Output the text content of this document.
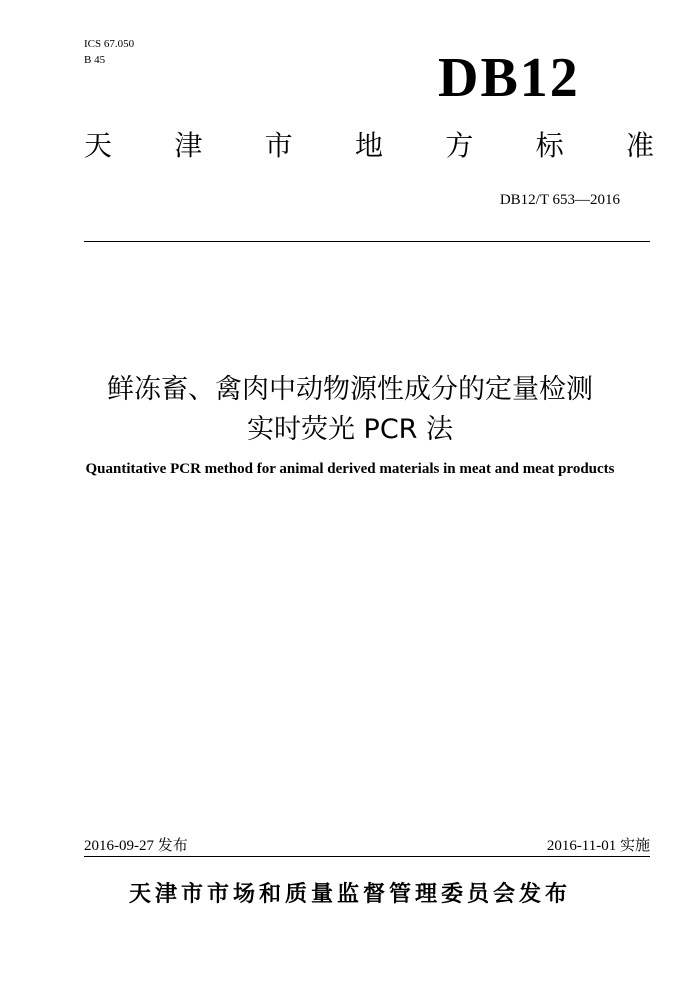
ICS 67.050
B 45	DB12
天 津 市 地 方 标 准
DB12/T 653—2016
鲜冻畜、禽肉中动物源性成分的定量检测
实时荧光 PCR 法
Quantitative PCR method for animal derived materials in meat and meat products
2016-09-27 发布	2016-11-01 实施
天津市市场和质量监督管理委员会发布
